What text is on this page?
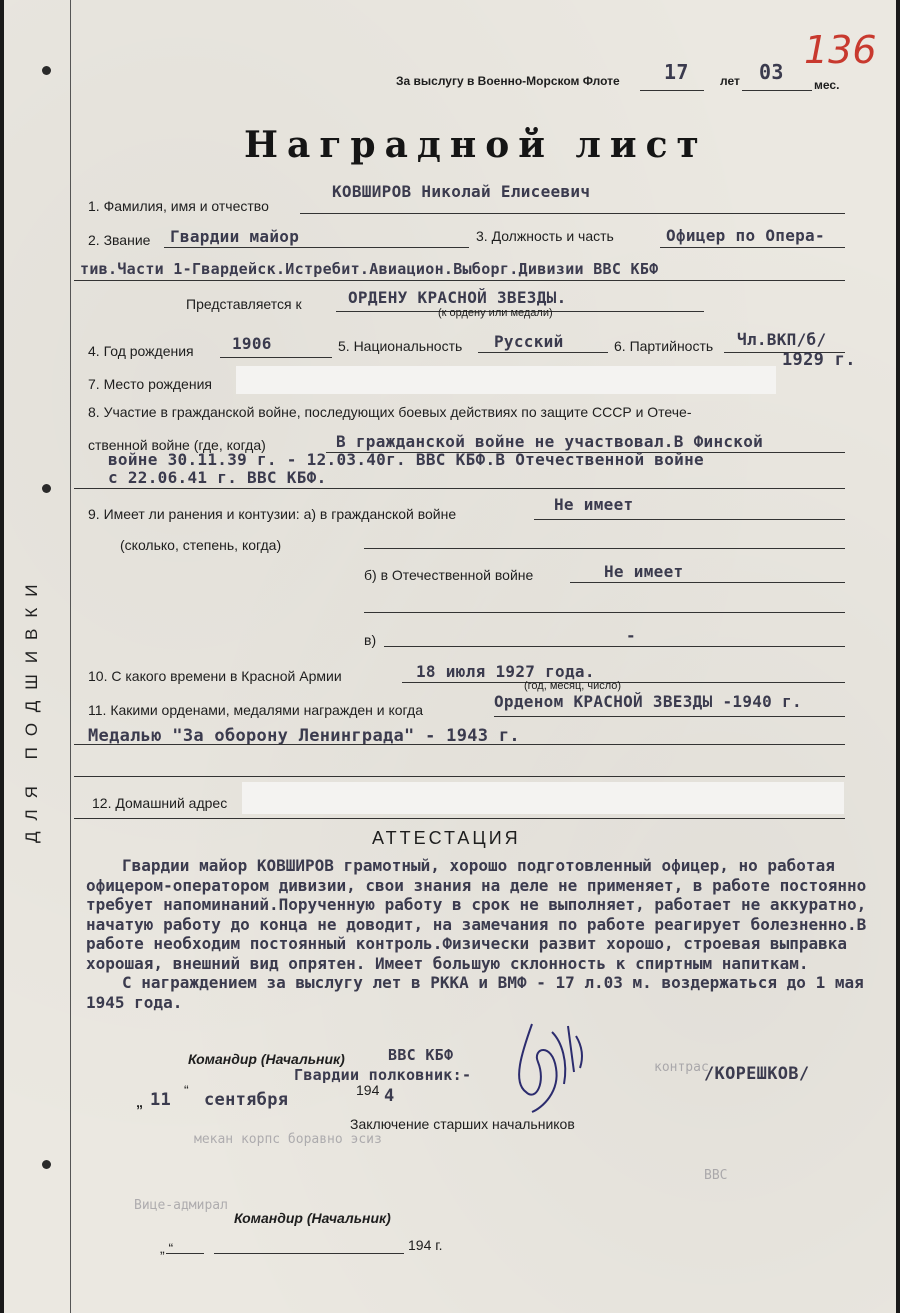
ДЛЯ ПОДШИВКИ
За выслугу в Военно-Морском Флоте 17	лет 03
мес.
136
Наградной лист
1. Фамилия, имя и отчество
КОВШИРОВ Николай Елисеевич
2. Звание Гвардии майор	3. Должность и часть	Офицер по Опера-
тив.Части 1-Гвардейск.Истребит.Авиацион.Выборг.Дивизии ВВС КБФ
Представляется к	ОРДЕНУ КРАСНОЙ ЗВЕЗДЫ.
(к ордену или медали)
4. Год рождения 1906	5. Национальность Русский	6. Партийность Чл.ВКП/б/
1929 г.
7. Место рождения
8. Участие в гражданской войне, последующих боевых действиях по защите СССР и Отече-
ственной войне (где, когда)	В гражданской войне не участвовал.В Финской
войне 30.11.39 г. - 12.03.40г. ВВС КБФ.В Отечественной войне
с 22.06.41 г. ВВС КБФ.
9. Имеет ли ранения и контузии: а) в гражданской войне	Не имеет
(сколько, степень, когда)
б) в Отечественной войне	Не имеет
в)	-
10. С какого времени в Красной Армии	18 июля 1927 года.
(год, месяц, число)
11. Какими орденами, медалями награжден и когда	Орденом КРАСНОЙ ЗВЕЗДЫ -1940 г.
Медалью "За оборону Ленинграда" - 1943 г.
12. Домашний адрес
АТТЕСТАЦИЯ
Гвардии майор КОВШИРОВ грамотный, хорошо подготовленный офицер, но работая офицером-оператором дивизии, свои знания на деле не применяет, в работе постоянно требует напоминаний.Порученную работу в срок не выполняет, работает не аккуратно, начатую работу до конца не доводит, на замечания по работе реагирует болезненно.В работе необходим постоянный контроль.Физически развит хорошо, строевая выправка хорошая, внешний вид опрятен. Имеет большую склонность к спиртным напиткам.
С награждением за выслугу лет в РККА и ВМФ - 17 л.03 м. воздержаться до 1 мая 1945 года.
Командир (Начальник)	ВВС КБФ
Гвардии полковник:-	/КОРЕШКОВ/
контрас
„ 11 “ сентября	194 4
Заключение старших начальников
мекан корпс боравно эсиз
ВВС
Вице-адмирал
Командир (Начальник)
„ “	194 г.
